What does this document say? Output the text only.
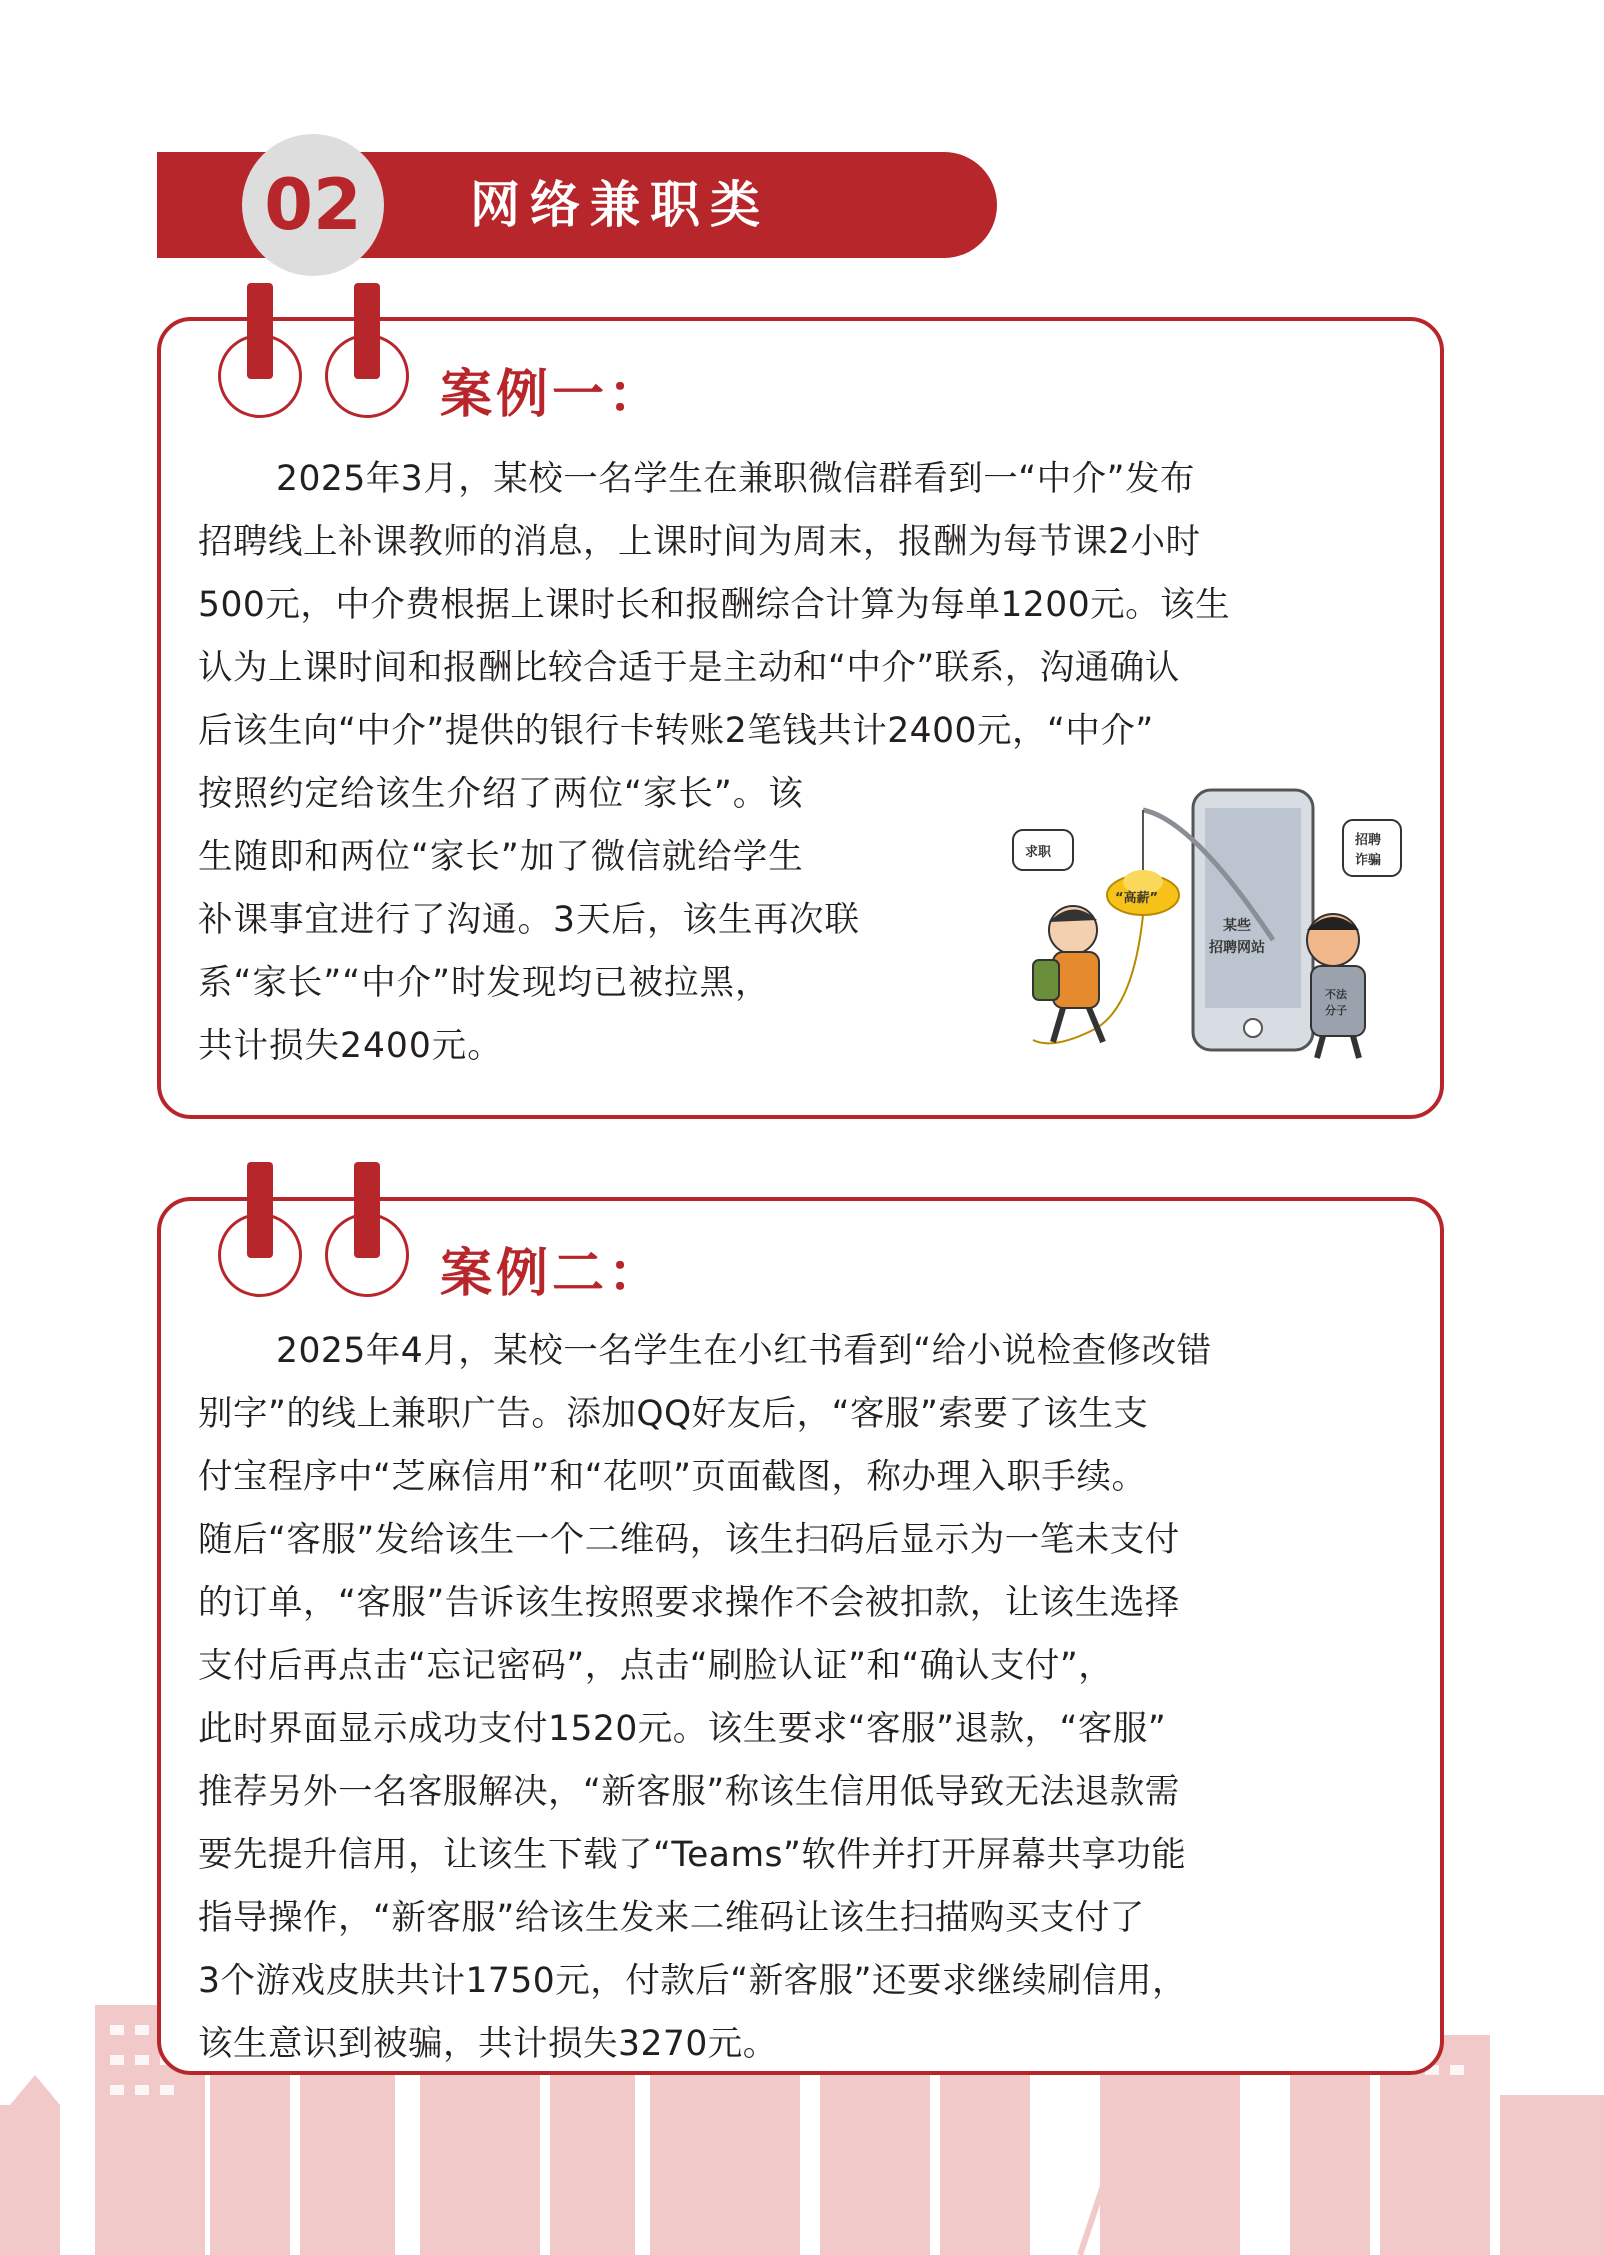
02 网络兼职类
案例一：

2025年3月，某校一名学生在兼职微信群看到一“中介”发布

招聘线上补课教师的消息，上课时间为周末，报酬为每节课2小时

500元，中介费根据上课时长和报酬综合计算为每单1200元。该生

认为上课时间和报酬比较合适于是主动和“中介”联系，沟通确认

后该生向“中介”提供的银行卡转账2笔钱共计2400元，“中介”

按照约定给该生介绍了两位“家长”。该

生随即和两位“家长”加了微信就给学生

补课事宜进行了沟通。3天后，该生再次联

系“家长”“中介”时发现均已被拉黑，

共计损失2400元。

某些
招聘网站
“高薪”
求职
不法
分子
招聘
诈骗
案例二：

2025年4月，某校一名学生在小红书看到“给小说检查修改错

别字”的线上兼职广告。添加QQ好友后，“客服”索要了该生支

付宝程序中“芝麻信用”和“花呗”页面截图，称办理入职手续。

随后“客服”发给该生一个二维码，该生扫码后显示为一笔未支付

的订单，“客服”告诉该生按照要求操作不会被扣款，让该生选择

支付后再点击“忘记密码”，点击“刷脸认证”和“确认支付”，

此时界面显示成功支付1520元。该生要求“客服”退款，“客服”

推荐另外一名客服解决，“新客服”称该生信用低导致无法退款需

要先提升信用，让该生下载了“Teams”软件并打开屏幕共享功能

指导操作，“新客服”给该生发来二维码让该生扫描购买支付了

3个游戏皮肤共计1750元，付款后“新客服”还要求继续刷信用，

该生意识到被骗，共计损失3270元。
